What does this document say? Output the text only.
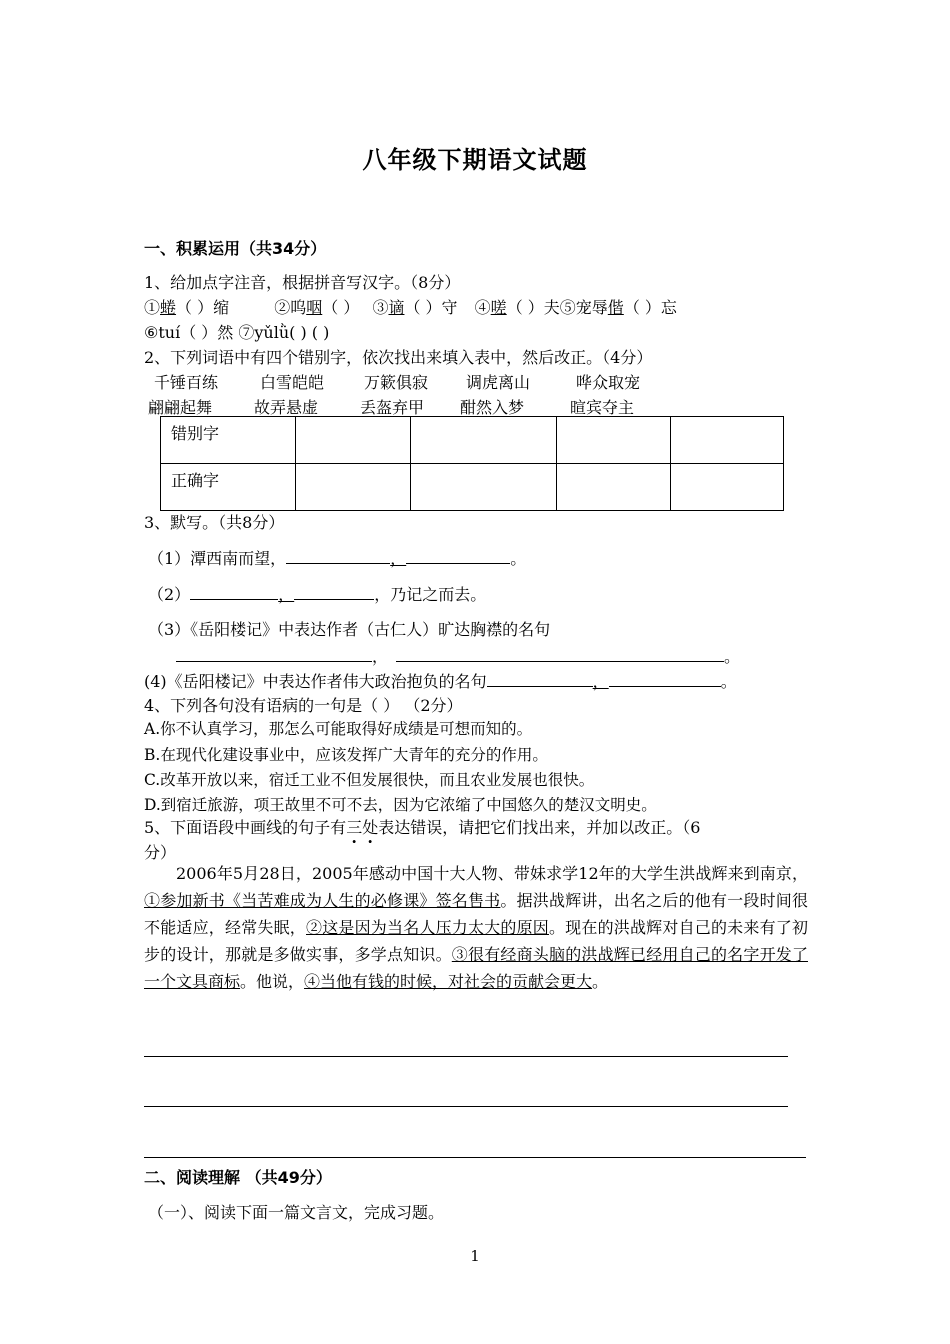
八年级下期语文试题
一、积累运用（共34分）
1、给加点字注音，根据拼音写汉字。（8分）
①蜷（ ）缩	②呜咽（ ） ③谪（ ）守 ④嗟（ ）夫⑤宠辱偕（ ）忘
⑥tuí（ ）然 ⑦yǔlǜ( ) ( )
2、下列词语中有四个错别字，依次找出来填入表中，然后改正。（4分）
千锤百练	白雪皑皑 万簌俱寂 调虎离山	哗众取宠
翩翩起舞	故弄悬虚	丢盔弃甲 酣然入梦	暄宾夺主
错别字				
正确字				
3、默写。（共8分）
（1）潭西南而望，	，	。
（2）	，	，乃记之而去。
（3）《岳阳楼记》中表达作者（古仁人）旷达胸襟的名句
，	。
(4)《岳阳楼记》中表达作者伟大政治抱负的名句	，	。
4、下列各句没有语病的一句是（ ） （2分）
A.你不认真学习，那怎么可能取得好成绩是可想而知的。
B.在现代化建设事业中，应该发挥广大青年的充分的作用。
C.改革开放以来，宿迁工业不但发展很快，而且农业发展也很快。
D.到宿迁旅游，项王故里不可不去，因为它浓缩了中国悠久的楚汉文明史。
5、下面语段中画线的句子有三处表达错误，请把它们找出来，并加以改正。（6
分）
2006年5月28日，2005年感动中国十大人物、带妹求学12年的大学生洪战辉来到南京，①参加新书《当苦难成为人生的必修课》签名售书。据洪战辉讲，出名之后的他有一段时间很不能适应，经常失眠，②这是因为当名人压力太大的原因。现在的洪战辉对自己的未来有了初步的设计，那就是多做实事，多学点知识。③很有经商头脑的洪战辉已经用自己的名字开发了一个文具商标。他说，④当他有钱的时候，对社会的贡献会更大。
二、阅读理解 （共49分）
（一）、阅读下面一篇文言文，完成习题。
1
